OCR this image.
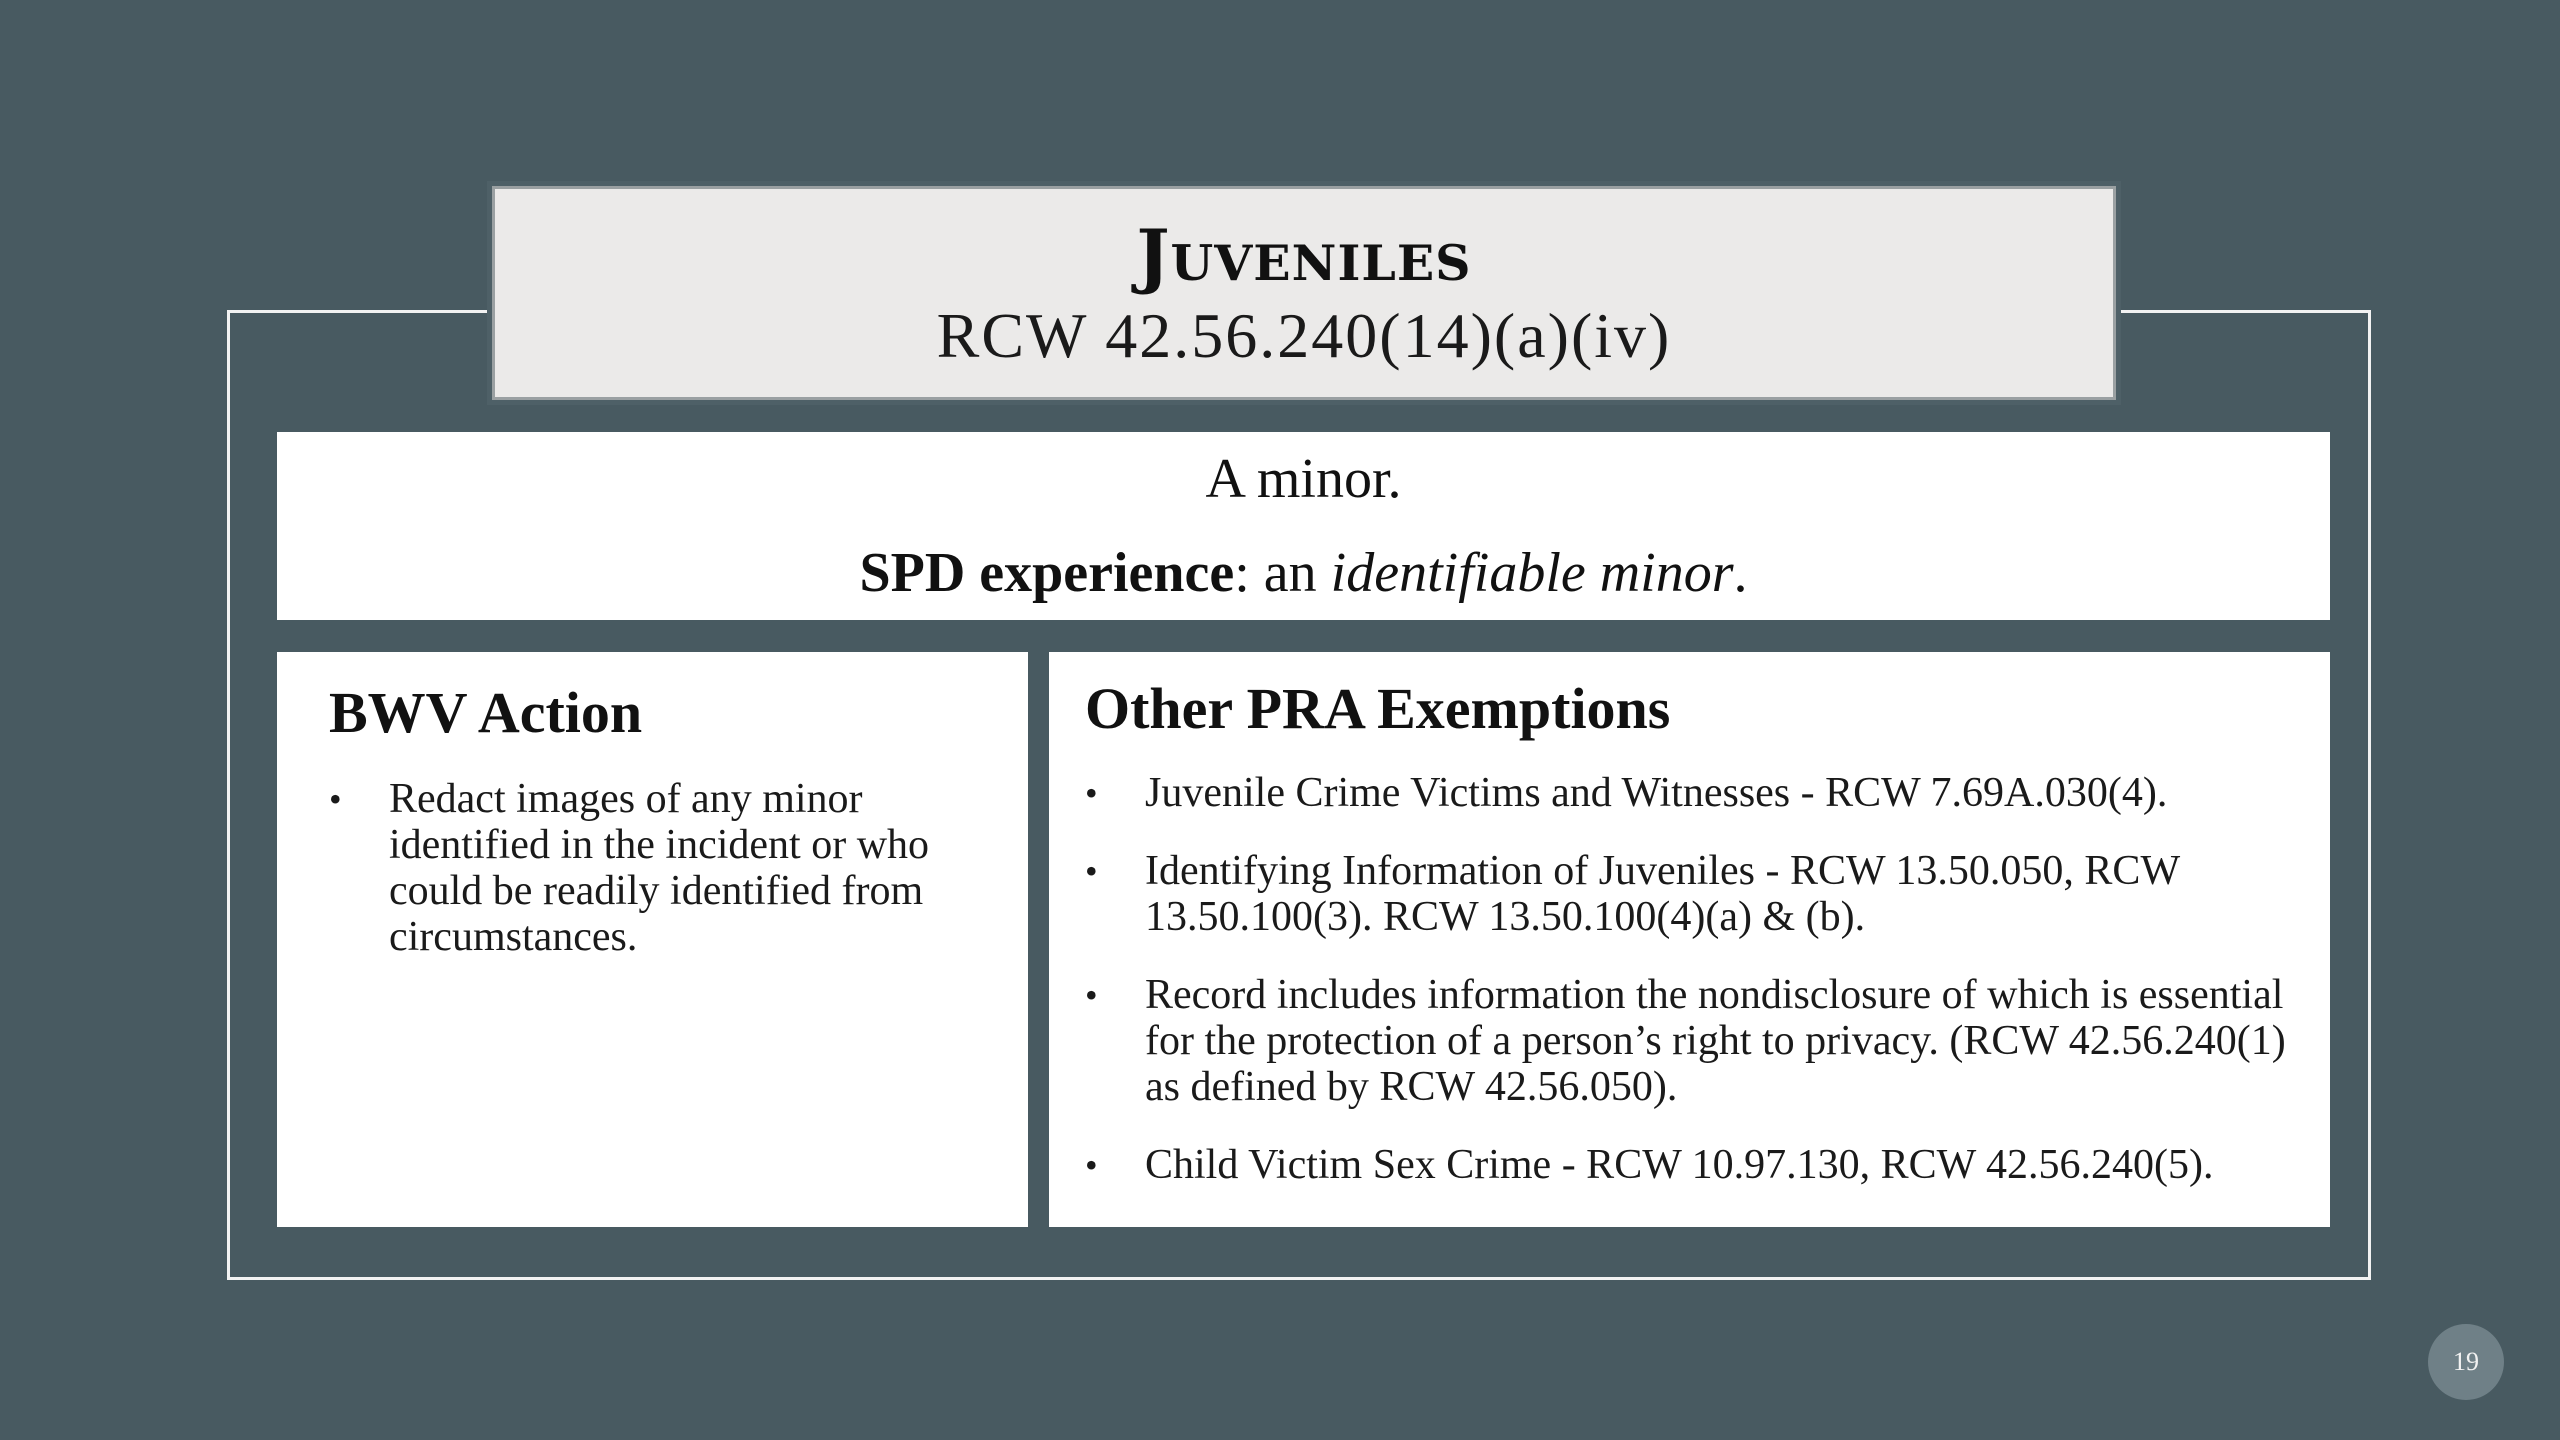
Juveniles
RCW 42.56.240(14)(a)(iv)
A minor.
SPD experience: an identifiable minor.
BWV Action
• Redact images of any minor identified in the incident or who could be readily identified from circumstances.
Other PRA Exemptions
• Juvenile Crime Victims and Witnesses - RCW 7.69A.030(4).
• Identifying Information of Juveniles - RCW 13.50.050, RCW 13.50.100(3). RCW 13.50.100(4)(a) & (b).
• Record includes information the nondisclosure of which is essential for the protection of a person’s right to privacy. (RCW 42.56.240(1) as defined by RCW 42.56.050).
• Child Victim Sex Crime - RCW 10.97.130, RCW 42.56.240(5).
19
